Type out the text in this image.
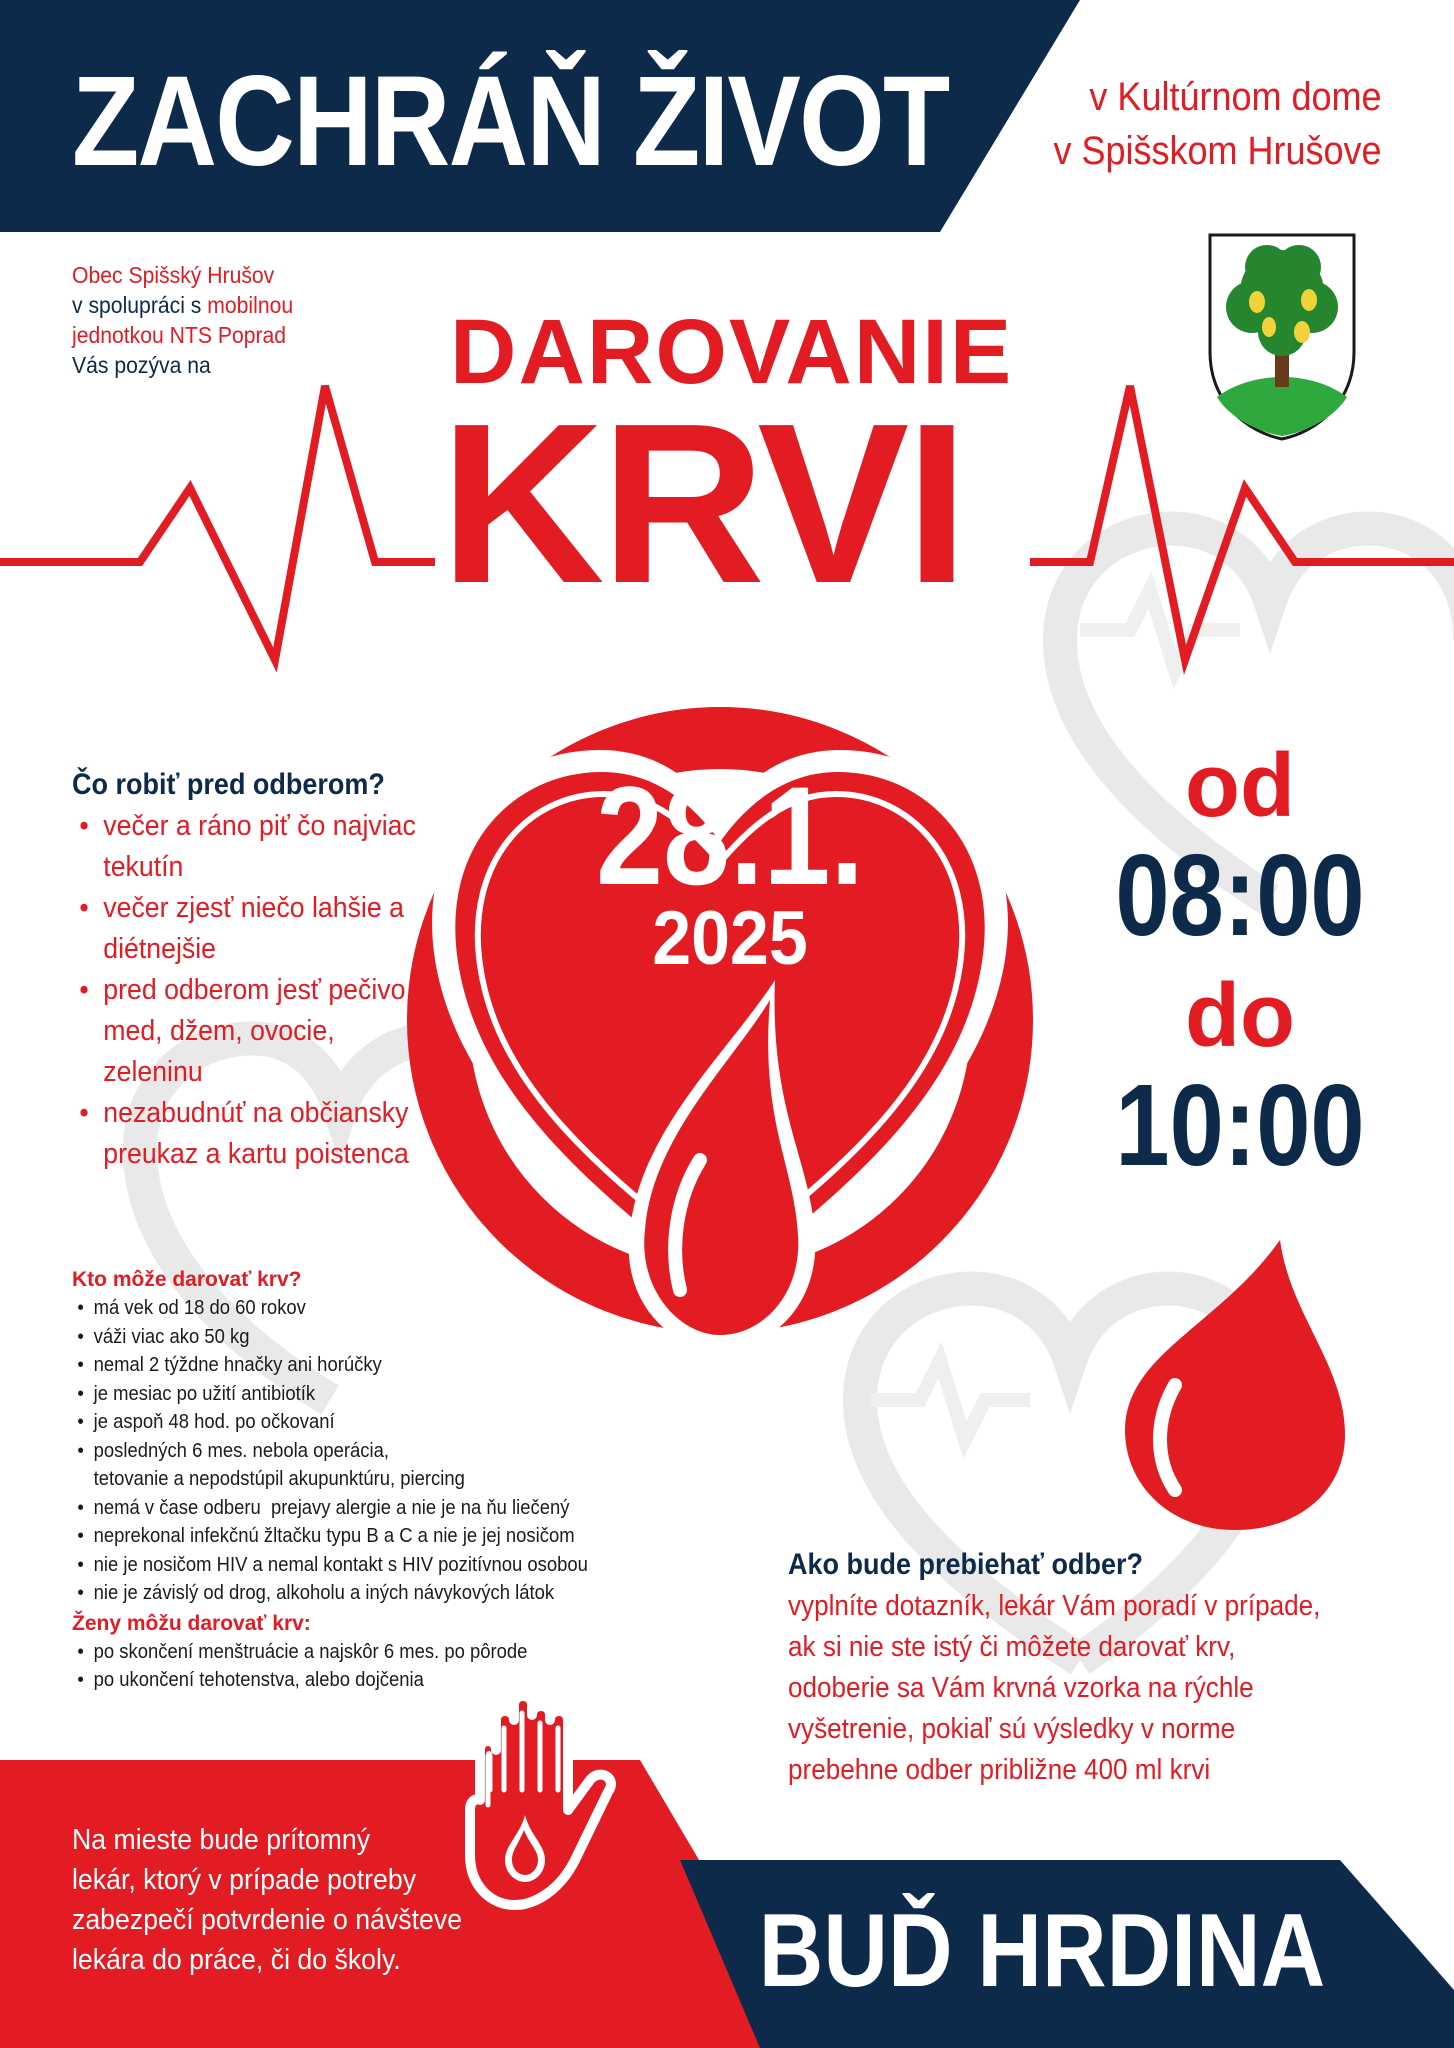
ZACHRÁŇ ŽIVOT	v Kultúrnom dome
v Spišskom Hrušove
Obec Spišský Hrušov
v spolupráci s mobilnou
jednotkou NTS Poprad
Vás pozýva na	DAROVANIE
KRVI
28.1.
2025
od
08:00
do
10:00
Čo robiť pred odberom?
• večer a ráno piť čo najviac tekutín
• večer zjesť niečo lahšie a diétnejšie
• pred odberom jesť pečivo, med, džem, ovocie, zeleninu
• nezabudnúť na občiansky preukaz a kartu poistenca
Kto môže darovať krv?
• má vek od 18 do 60 rokov
• váži viac ako 50 kg
• nemal 2 týždne hnačky ani horúčky
• je mesiac po užití antibiotík
• je aspoň 48 hod. po očkovaní
• posledných 6 mes. nebola operácia,
tetovanie a nepodstúpil akupunktúru, piercing
• nemá v čase odberu  prejavy alergie a nie je na ňu liečený
• neprekonal infekčnú žltačku typu B a C a nie je jej nosičom
• nie je nosičom HIV a nemal kontakt s HIV pozitívnou osobou
• nie je závislý od drog, alkoholu a iných návykových látok
Ženy môžu darovať krv:
• po skončení menštruácie a najskôr 6 mes. po pôrode
• po ukončení tehotenstva, alebo dojčenia
Ako bude prebiehať odber?

vyplníte dotazník, lekár Vám poradí v prípade,
ak si nie ste istý či môžete darovať krv,
odoberie sa Vám krvná vzorka na rýchle
vyšetrenie, pokiaľ sú výsledky v norme
prebehne odber približne 400 ml krvi

Na mieste bude prítomný
lekár, ktorý v prípade potreby
zabezpečí potvrdenie o návšteve
lekára do práce, či do školy.	BUĎ HRDINA
